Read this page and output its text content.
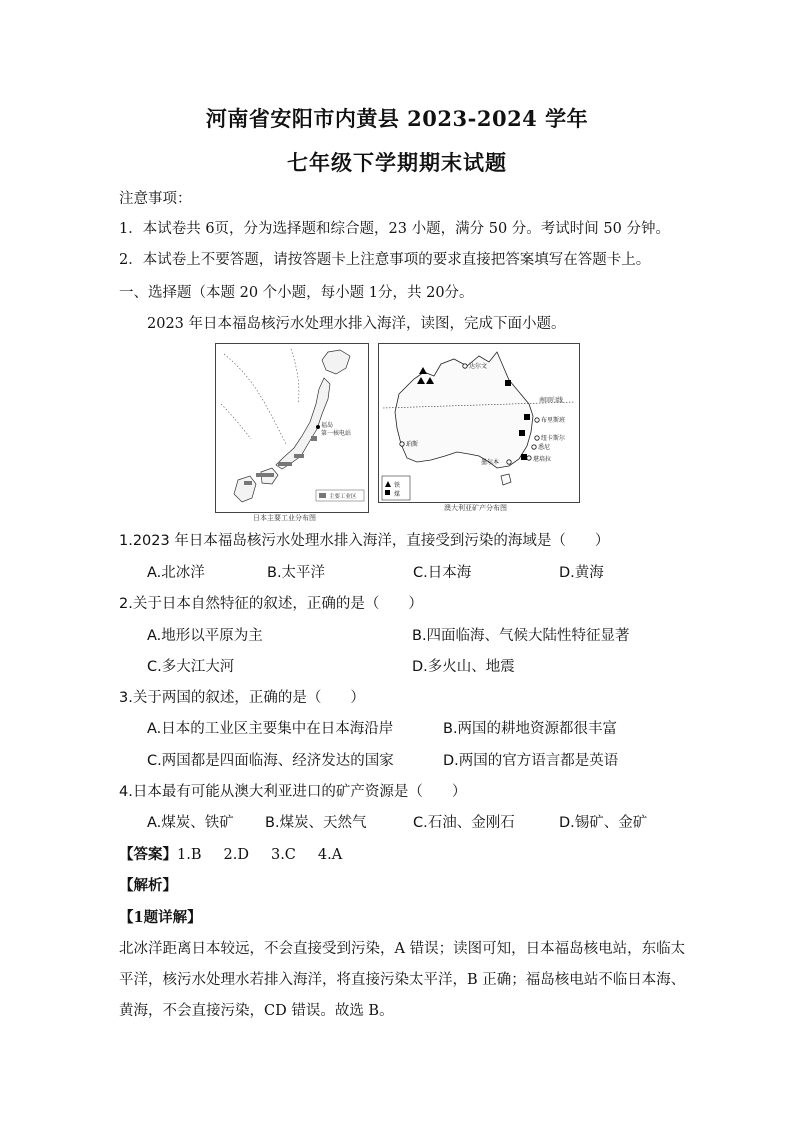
河南省安阳市内黄县 2023-2024 学年
七年级下学期期末试题
注意事项：
1．本试卷共 6页，分为选择题和综合题，23 小题，满分 50 分。考试时间 50 分钟。
2．本试卷上不要答题，请按答题卡上注意事项的要求直接把答案填写在答题卡上。
一、选择题（本题 20 个小题，每小题 1分，共 20分。
2023 年日本福岛核污水处理水排入海洋，读图，完成下面小题。
福岛
第一核电站
主要工业区
日本主要工业分布图
南回归线
达尔文
珀斯
布里斯班
纽卡斯尔
悉尼
墨尔本	堪培拉
铁
煤
澳大利亚矿产分布图
1.2023 年日本福岛核污水处理水排入海洋，直接受到污染的海域是（　　）
A.北冰洋	B.太平洋	C.日本海	D.黄海
2.关于日本自然特征的叙述，正确的是（　　）
A.地形以平原为主	B.四面临海、气候大陆性特征显著
C.多大江大河	D.多火山、地震
3.关于两国的叙述，正确的是（　　）
A.日本的工业区主要集中在日本海沿岸	B.两国的耕地资源都很丰富
C.两国都是四面临海、经济发达的国家	D.两国的官方语言都是英语
4.日本最有可能从澳大利亚进口的矿产资源是（　　）
A.煤炭、铁矿 B.煤炭、天然气	C.石油、金刚石	D.锡矿、金矿
【答案】1.B 2.D 3.C 4.A
【解析】
【1题详解】
北冰洋距离日本较远，不会直接受到污染，A 错误；读图可知，日本福岛核电站，东临太
平洋，核污水处理水若排入海洋，将直接污染太平洋，B 正确；福岛核电站不临日本海、
黄海，不会直接污染，CD 错误。故选 B。
